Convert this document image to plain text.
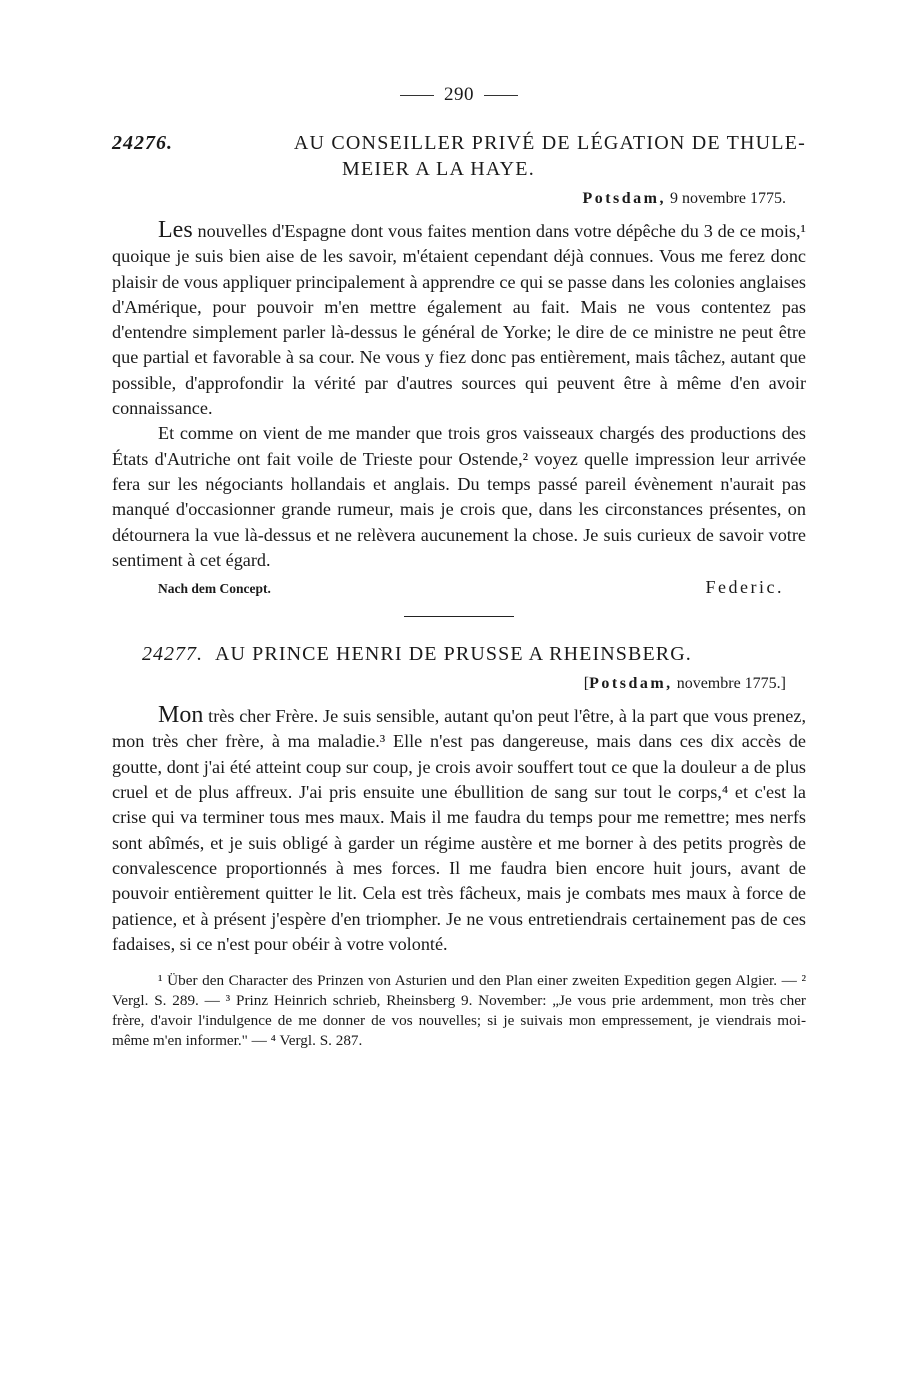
290
24276.	AU CONSEILLER PRIVÉ DE LÉGATION DE THULE-
MEIER A LA HAYE.
Potsdam, 9 novembre 1775.

Les nouvelles d'Espagne dont vous faites mention dans votre dépêche du 3 de ce mois,¹ quoique je suis bien aise de les savoir, m'étaient cependant déjà connues. Vous me ferez donc plaisir de vous appliquer principalement à apprendre ce qui se passe dans les colonies anglaises d'Amérique, pour pouvoir m'en mettre également au fait. Mais ne vous contentez pas d'entendre simplement parler là-dessus le général de Yorke; le dire de ce ministre ne peut être que partial et favorable à sa cour. Ne vous y fiez donc pas entièrement, mais tâchez, autant que possible, d'approfondir la vérité par d'autres sources qui peuvent être à même d'en avoir connaissance.

Et comme on vient de me mander que trois gros vaisseaux chargés des productions des États d'Autriche ont fait voile de Trieste pour Ostende,² voyez quelle impression leur arrivée fera sur les négociants hollandais et anglais. Du temps passé pareil évènement n'aurait pas manqué d'occasionner grande rumeur, mais je crois que, dans les circonstances présentes, on détournera la vue là-dessus et ne relèvera aucunement la chose. Je suis curieux de savoir votre sentiment à cet égard.

Nach dem Concept.	Federic.
24277. AU PRINCE HENRI DE PRUSSE A RHEINSBERG.
[Potsdam, novembre 1775.]

Mon très cher Frère. Je suis sensible, autant qu'on peut l'être, à la part que vous prenez, mon très cher frère, à ma maladie.³ Elle n'est pas dangereuse, mais dans ces dix accès de goutte, dont j'ai été atteint coup sur coup, je crois avoir souffert tout ce que la douleur a de plus cruel et de plus affreux. J'ai pris ensuite une ébullition de sang sur tout le corps,⁴ et c'est la crise qui va terminer tous mes maux. Mais il me faudra du temps pour me remettre; mes nerfs sont abîmés, et je suis obligé à garder un régime austère et me borner à des petits progrès de convalescence proportionnés à mes forces. Il me faudra bien encore huit jours, avant de pouvoir entièrement quitter le lit. Cela est très fâcheux, mais je combats mes maux à force de patience, et à présent j'espère d'en triompher. Je ne vous entretiendrais certainement pas de ces fadaises, si ce n'est pour obéir à votre volonté.

¹ Über den Character des Prinzen von Asturien und den Plan einer zweiten Expedition gegen Algier. — ² Vergl. S. 289. — ³ Prinz Heinrich schrieb, Rheinsberg 9. November: „Je vous prie ardemment, mon très cher frère, d'avoir l'indulgence de me donner de vos nouvelles; si je suivais mon empressement, je viendrais moi-même m'en informer." — ⁴ Vergl. S. 287.
